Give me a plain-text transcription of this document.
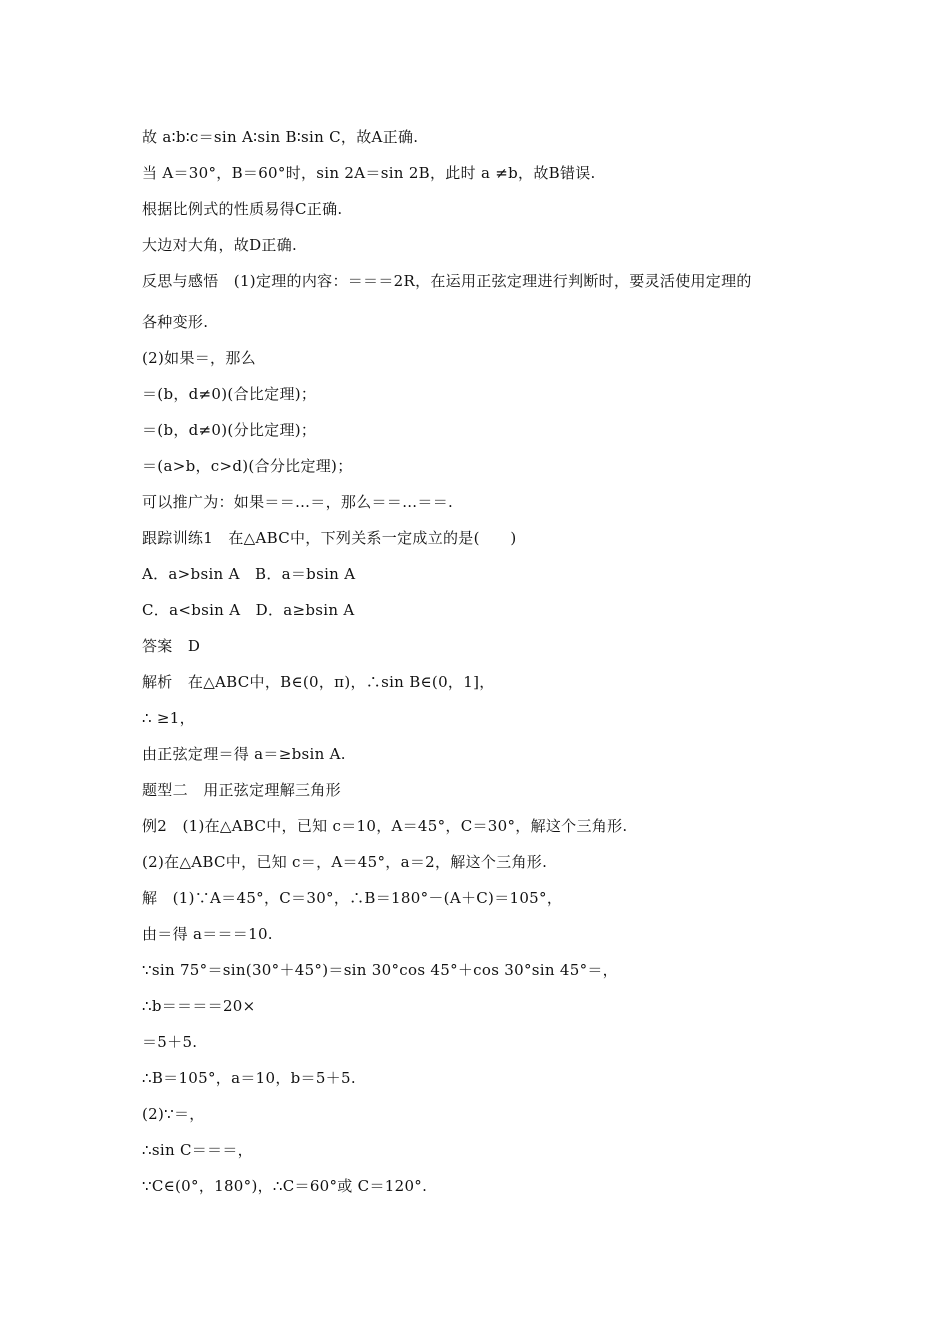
故 a∶b∶c＝sin A∶sin B∶sin C，故A正确.
当 A＝30°，B＝60°时，sin 2A＝sin 2B，此时 a ≠b，故B错误.
根据比例式的性质易得C正确.
大边对大角，故D正确.
反思与感悟　(1)定理的内容：＝＝＝2R，在运用正弦定理进行判断时，要灵活使用定理的
各种变形.
(2)如果＝，那么
＝(b，d≠0)(合比定理)；
＝(b，d≠0)(分比定理)；
＝(a>b，c>d)(合分比定理)；
可以推广为：如果＝＝…＝，那么＝＝…＝＝.
跟踪训练1　在△ABC中，下列关系一定成立的是(　　)
A．a>bsin A　B．a＝bsin A
C．a<bsin A　D．a≥bsin A
答案　D
解析　在△ABC中，B∈(0，π)，∴sin B∈(0，1]，
∴ ≥1，
由正弦定理＝得 a＝≥bsin A.
题型二　用正弦定理解三角形
例2　(1)在△ABC中，已知 c＝10，A＝45°，C＝30°，解这个三角形.
(2)在△ABC中，已知 c＝，A＝45°，a＝2，解这个三角形.
解　(1)∵A＝45°，C＝30°，∴B＝180°－(A＋C)＝105°，
由＝得 a＝＝＝10.
∵sin 75°＝sin(30°＋45°)＝sin 30°cos 45°＋cos 30°sin 45°＝，
∴b＝＝＝＝20×
＝5＋5.
∴B＝105°，a＝10，b＝5＋5.
(2)∵＝，
∴sin C＝＝＝，
∵C∈(0°，180°)，∴C＝60°或 C＝120°.
